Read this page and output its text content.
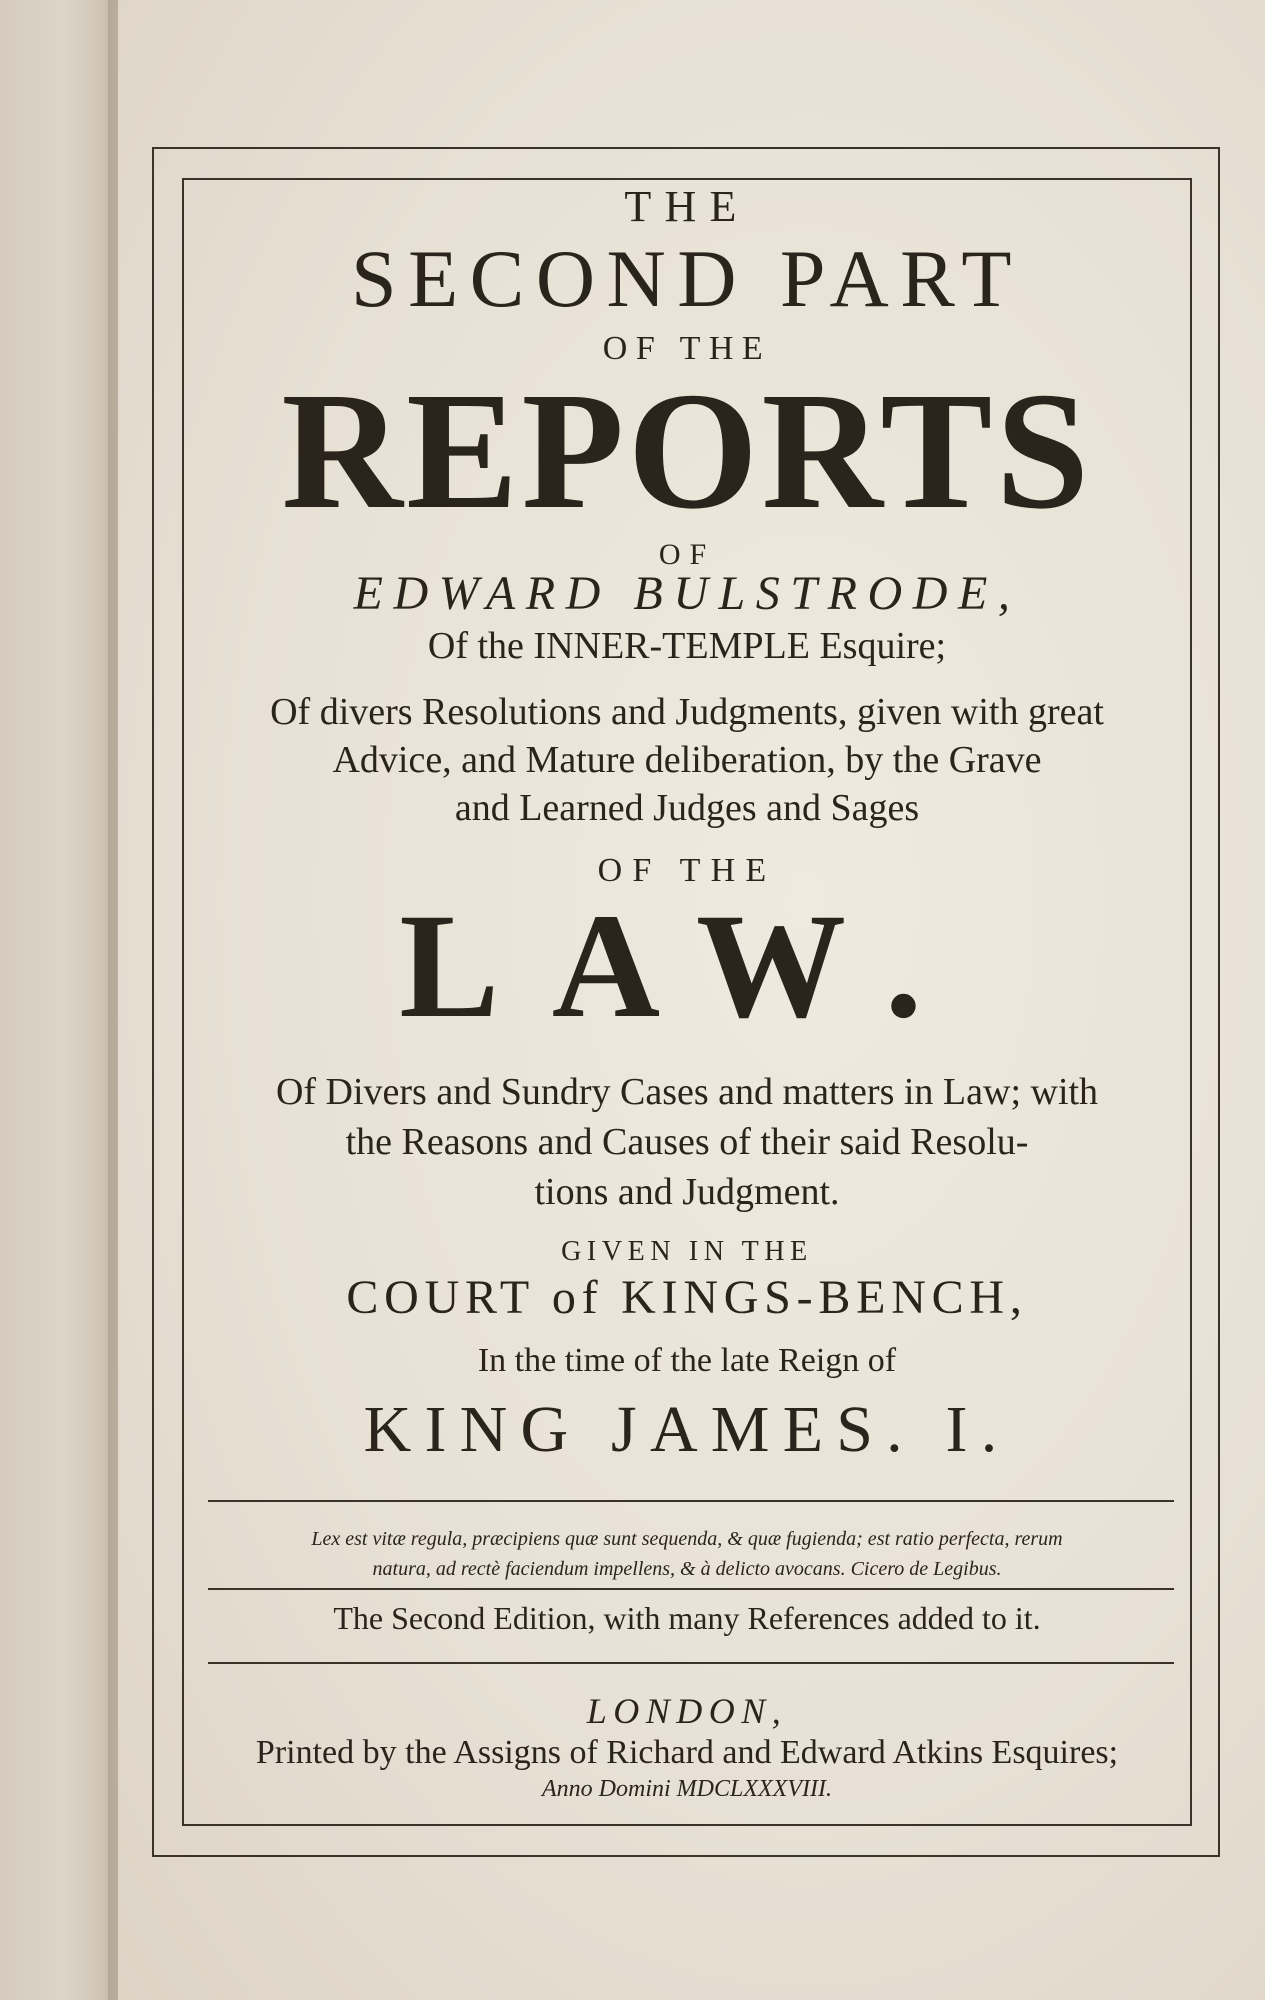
THE
SECOND PART
OF THE
REPORTS
OF
EDWARD BULSTRODE,
Of the INNER-TEMPLE Esquire;
Of divers Resolutions and Judgments, given with great
Advice, and Mature deliberation, by the Grave
and Learned Judges and Sages
OF THE
LAW.
Of Divers and Sundry Cases and matters in Law; with
the Reasons and Causes of their said Resolu-
tions and Judgment.
GIVEN IN THE
COURT of KINGS-BENCH,
In the time of the late Reign of
KING JAMES. I.
Lex est vitæ regula, præcipiens quæ sunt sequenda, & quæ fugienda; est ratio perfecta, rerum
natura, ad rectè faciendum impellens, & à delicto avocans. Cicero de Legibus.
The Second Edition, with many References added to it.
LONDON,
Printed by the Assigns of Richard and Edward Atkins Esquires;
Anno Domini MDCLXXXVIII.
